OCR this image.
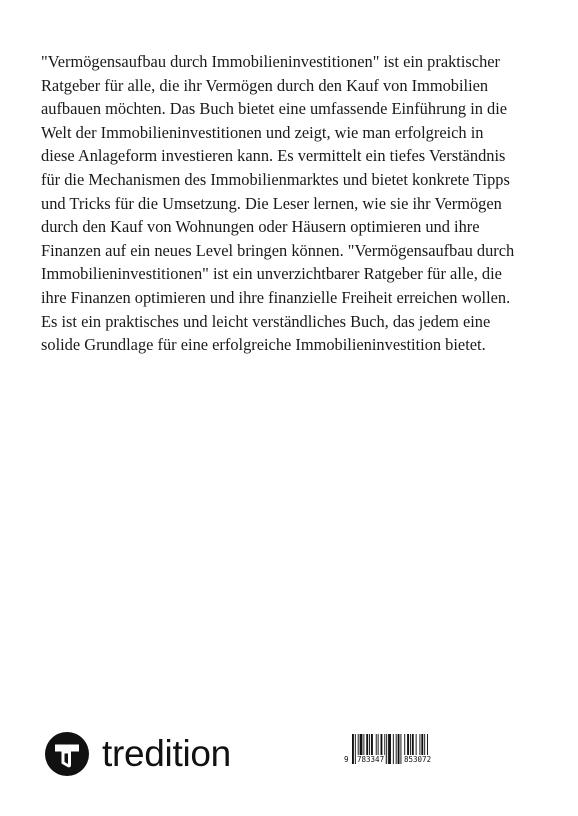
"Vermögensaufbau durch Immobilieninvestitionen" ist ein praktischer Ratgeber für alle, die ihr Vermögen durch den Kauf von Immobilien aufbauen möchten. Das Buch bietet eine umfassende Einführung in die Welt der Immobilieninvestitionen und zeigt, wie man erfolgreich in diese Anlageform investieren kann. Es vermittelt ein tiefes Verständnis für die Mechanismen des Immobilienmarktes und bietet konkrete Tipps und Tricks für die Umsetzung. Die Leser lernen, wie sie ihr Vermögen durch den Kauf von Wohnungen oder Häusern optimieren und ihre Finanzen auf ein neues Level bringen können. "Vermögensaufbau durch Immobilieninvestitionen" ist ein unverzichtbarer Ratgeber für alle, die ihre Finanzen optimieren und ihre finanzielle Freiheit erreichen wollen. Es ist ein praktisches und leicht verständliches Buch, das jedem eine solide Grundlage für eine erfolgreiche Immobilieninvestition bietet.

tredition	9 783347	853072
